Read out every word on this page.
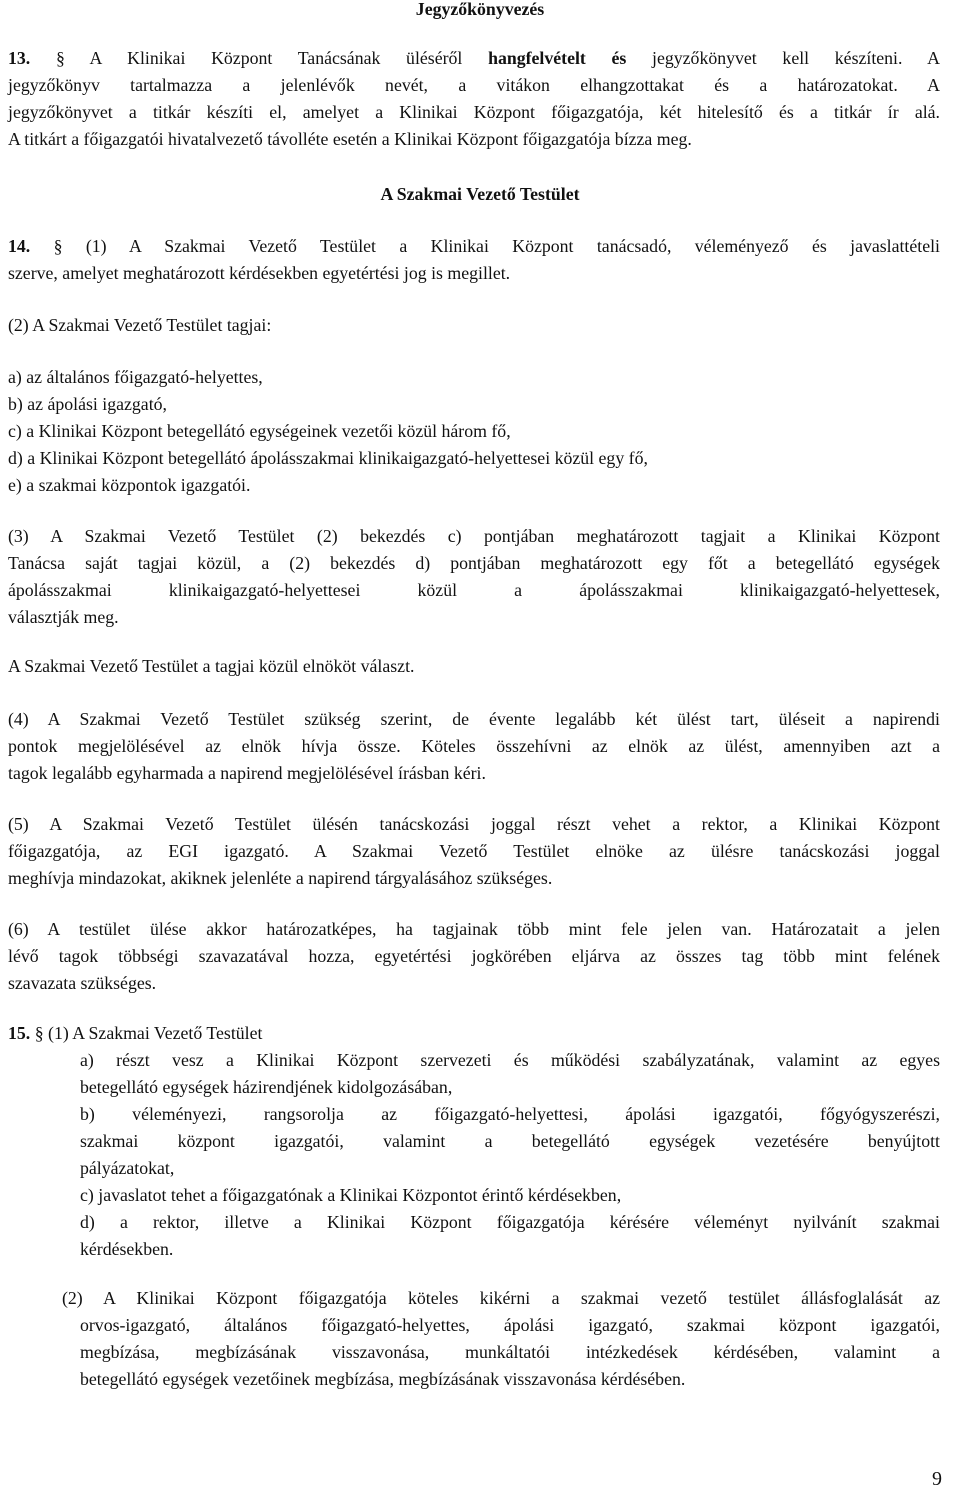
Jegyzőkönyvezés
13. § A Klinikai Központ Tanácsának üléséről hangfelvételt és jegyzőkönyvet kell készíteni. A
jegyzőkönyv tartalmazza a jelenlévők nevét, a vitákon elhangzottakat és a határozatokat. A
jegyzőkönyvet a titkár készíti el, amelyet a Klinikai Központ főigazgatója, két hitelesítő és a titkár ír alá.
A titkárt a főigazgatói hivatalvezető távolléte esetén a Klinikai Központ főigazgatója bízza meg.
A Szakmai Vezető Testület
14. § (1) A Szakmai Vezető Testület a Klinikai Központ tanácsadó, véleményező és javaslattételi
szerve, amelyet meghatározott kérdésekben egyetértési jog is megillet.
(2) A Szakmai Vezető Testület tagjai:
a) az általános főigazgató-helyettes,
b) az ápolási igazgató,
c) a Klinikai Központ betegellátó egységeinek vezetői közül három fő,
d) a Klinikai Központ betegellátó ápolásszakmai klinikaigazgató-helyettesei közül egy fő,
e) a szakmai központok igazgatói.
(3) A Szakmai Vezető Testület (2) bekezdés c) pontjában meghatározott tagjait a Klinikai Központ
Tanácsa saját tagjai közül, a (2) bekezdés d) pontjában meghatározott egy főt a betegellátó egységek
ápolásszakmai klinikaigazgató-helyettesei közül a ápolásszakmai klinikaigazgató-helyettesek,
választják meg.
A Szakmai Vezető Testület a tagjai közül elnököt választ.
(4) A Szakmai Vezető Testület szükség szerint, de évente legalább két ülést tart, üléseit a napirendi
pontok megjelölésével az elnök hívja össze. Köteles összehívni az elnök az ülést, amennyiben azt a
tagok legalább egyharmada a napirend megjelölésével írásban kéri.
(5) A Szakmai Vezető Testület ülésén tanácskozási joggal részt vehet a rektor, a Klinikai Központ
főigazgatója, az EGI igazgató. A Szakmai Vezető Testület elnöke az ülésre tanácskozási joggal
meghívja mindazokat, akiknek jelenléte a napirend tárgyalásához szükséges.
(6) A testület ülése akkor határozatképes, ha tagjainak több mint fele jelen van. Határozatait a jelen
lévő tagok többségi szavazatával hozza, egyetértési jogkörében eljárva az összes tag több mint felének
szavazata szükséges.
15. § (1) A Szakmai Vezető Testület
a) részt vesz a Klinikai Központ szervezeti és működési szabályzatának, valamint az egyes
betegellátó egységek házirendjének kidolgozásában,
b) véleményezi, rangsorolja az főigazgató-helyettesi, ápolási igazgatói, főgyógyszerészi,
szakmai központ igazgatói, valamint a betegellátó egységek vezetésére benyújtott
pályázatokat,
c) javaslatot tehet a főigazgatónak a Klinikai Központot érintő kérdésekben,
d) a rektor, illetve a Klinikai Központ főigazgatója kérésére véleményt nyilvánít szakmai
kérdésekben.
(2) A Klinikai Központ főigazgatója köteles kikérni a szakmai vezető testület állásfoglalását az
orvos-igazgató, általános főigazgató-helyettes, ápolási igazgató, szakmai központ igazgatói,
megbízása, megbízásának visszavonása, munkáltatói intézkedések kérdésében, valamint a
betegellátó egységek vezetőinek megbízása, megbízásának visszavonása kérdésében.
9
